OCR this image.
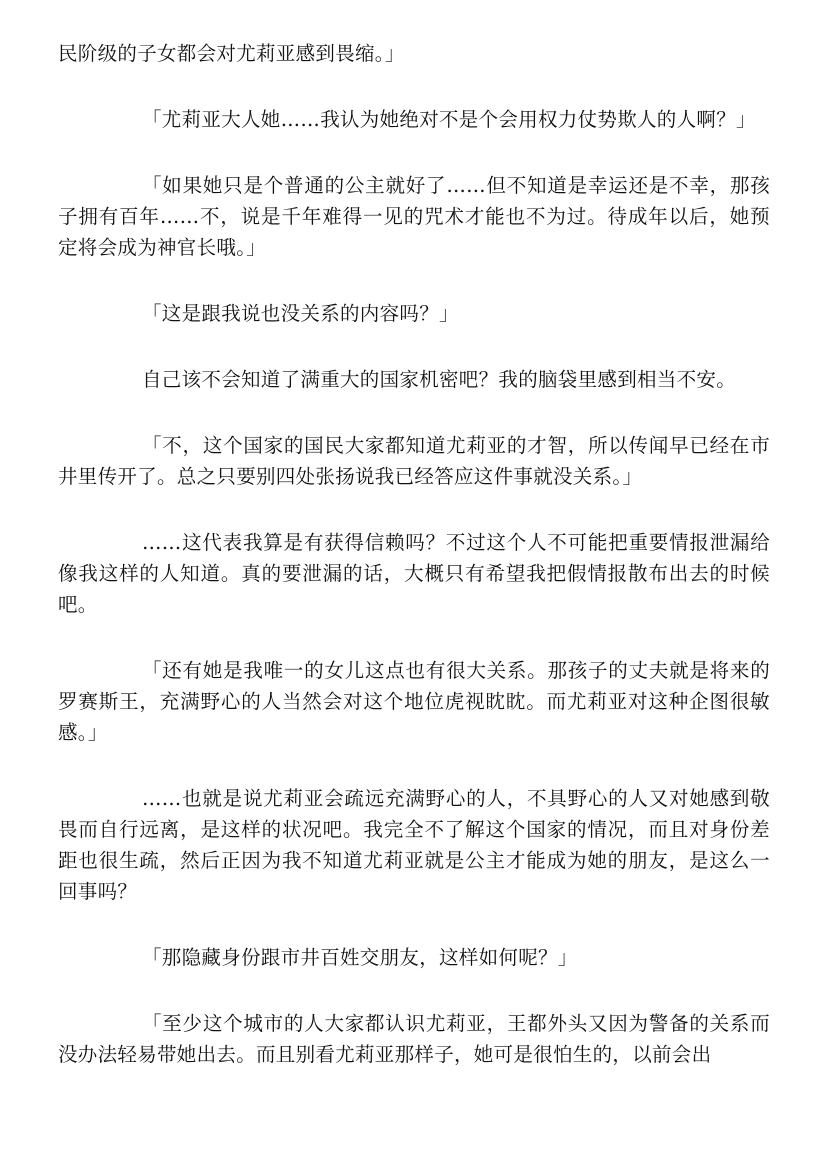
民阶级的子女都会对尤莉亚感到畏缩。」

「尤莉亚大人她……我认为她绝对不是个会用权力仗势欺人的人啊？」

「如果她只是个普通的公主就好了……但不知道是幸运还是不幸，那孩子拥有百年……不，说是千年难得一见的咒术才能也不为过。待成年以后，她预定将会成为神官长哦。」

「这是跟我说也没关系的内容吗？」

自己该不会知道了满重大的国家机密吧？我的脑袋里感到相当不安。

「不，这个国家的国民大家都知道尤莉亚的才智，所以传闻早已经在市井里传开了。总之只要别四处张扬说我已经答应这件事就没关系。」

……这代表我算是有获得信赖吗？不过这个人不可能把重要情报泄漏给像我这样的人知道。真的要泄漏的话，大概只有希望我把假情报散布出去的时候吧。

「还有她是我唯一的女儿这点也有很大关系。那孩子的丈夫就是将来的罗赛斯王，充满野心的人当然会对这个地位虎视眈眈。而尤莉亚对这种企图很敏感。」

……也就是说尤莉亚会疏远充满野心的人，不具野心的人又对她感到敬畏而自行远离，是这样的状况吧。我完全不了解这个国家的情况，而且对身份差距也很生疏，然后正因为我不知道尤莉亚就是公主才能成为她的朋友，是这么一回事吗？

「那隐藏身份跟市井百姓交朋友，这样如何呢？」

「至少这个城市的人大家都认识尤莉亚，王都外头又因为警备的关系而没办法轻易带她出去。而且别看尤莉亚那样子，她可是很怕生的，以前会出
